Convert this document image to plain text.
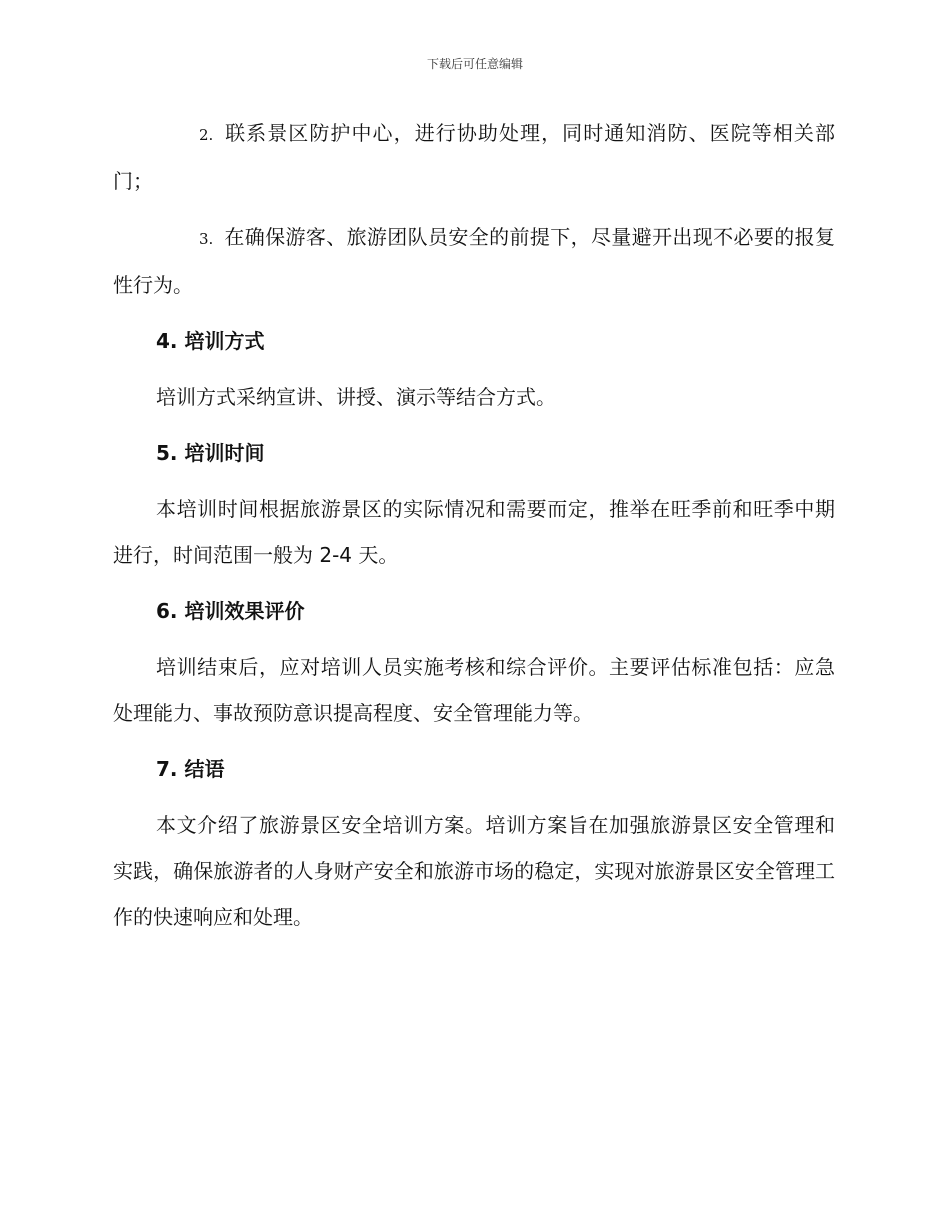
下载后可任意编辑

2. 联系景区防护中心，进行协助处理，同时通知消防、医院等相关部门；

3. 在确保游客、旅游团队员安全的前提下，尽量避开出现不必要的报复性行为。

4. 培训方式

培训方式采纳宣讲、讲授、演示等结合方式。

5. 培训时间

本培训时间根据旅游景区的实际情况和需要而定，推举在旺季前和旺季中期进行，时间范围一般为 2-4 天。

6. 培训效果评价

培训结束后，应对培训人员实施考核和综合评价。主要评估标准包括：应急处理能力、事故预防意识提高程度、安全管理能力等。

7. 结语

本文介绍了旅游景区安全培训方案。培训方案旨在加强旅游景区安全管理和实践，确保旅游者的人身财产安全和旅游市场的稳定，实现对旅游景区安全管理工作的快速响应和处理。
